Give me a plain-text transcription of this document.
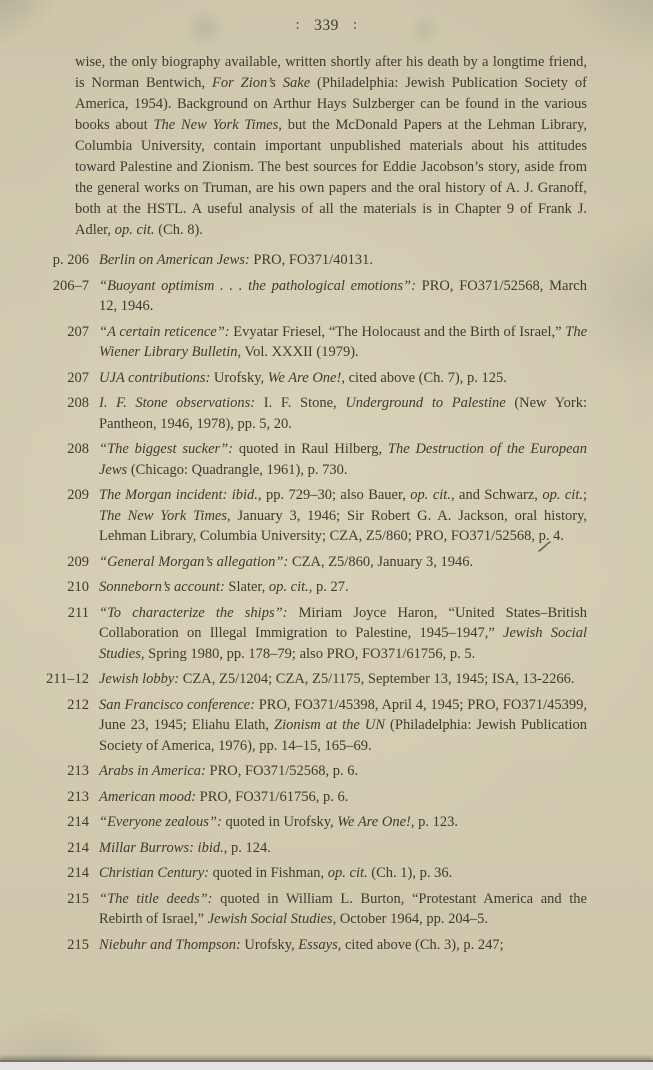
: 339 :

wise, the only biography available, written shortly after his death by a longtime friend, is Norman Bentwich, For Zion’s Sake (Philadelphia: Jewish Publication Society of America, 1954). Background on Arthur Hays Sulzberger can be found in the various books about The New York Times, but the McDonald Papers at the Lehman Library, Columbia University, contain important unpublished materials about his attitudes toward Palestine and Zionism. The best sources for Eddie Jacobson’s story, aside from the general works on Truman, are his own papers and the oral history of A. J. Granoff, both at the HSTL. A useful analysis of all the materials is in Chapter 9 of Frank J. Adler, op. cit. (Ch. 8).

p. 206 Berlin on American Jews: PRO, FO371/40131.
206–7 “Buoyant optimism . . . the pathological emotions”: PRO, FO371/52568, March 12, 1946.
207 “A certain reticence”: Evyatar Friesel, “The Holocaust and the Birth of Israel,” The Wiener Library Bulletin, Vol. XXXII (1979).
207 UJA contributions: Urofsky, We Are One!, cited above (Ch. 7), p. 125.
208 I. F. Stone observations: I. F. Stone, Underground to Palestine (New York: Pantheon, 1946, 1978), pp. 5, 20.
208 “The biggest sucker”: quoted in Raul Hilberg, The Destruction of the European Jews (Chicago: Quadrangle, 1961), p. 730.
209 The Morgan incident: ibid., pp. 729–30; also Bauer, op. cit., and Schwarz, op. cit.; The New York Times, January 3, 1946; Sir Robert G. A. Jackson, oral history, Lehman Library, Columbia University; CZA, Z5/860; PRO, FO371/52568, p. 4.
209 “General Morgan’s allegation”: CZA, Z5/860, January 3, 1946.
210 Sonneborn’s account: Slater, op. cit., p. 27.
211 “To characterize the ships”: Miriam Joyce Haron, “United States–British Collaboration on Illegal Immigration to Palestine, 1945–1947,” Jewish Social Studies, Spring 1980, pp. 178–79; also PRO, FO371/61756, p. 5.
211–12 Jewish lobby: CZA, Z5/1204; CZA, Z5/1175, September 13, 1945; ISA, 13-2266.
212 San Francisco conference: PRO, FO371/45398, April 4, 1945; PRO, FO371/45399, June 23, 1945; Eliahu Elath, Zionism at the UN (Philadelphia: Jewish Publication Society of America, 1976), pp. 14–15, 165–69.
213 Arabs in America: PRO, FO371/52568, p. 6.
213 American mood: PRO, FO371/61756, p. 6.
214 “Everyone zealous”: quoted in Urofsky, We Are One!, p. 123.
214 Millar Burrows: ibid., p. 124.
214 Christian Century: quoted in Fishman, op. cit. (Ch. 1), p. 36.
215 “The title deeds”: quoted in William L. Burton, “Protestant America and the Rebirth of Israel,” Jewish Social Studies, October 1964, pp. 204–5.
215 Niebuhr and Thompson: Urofsky, Essays, cited above (Ch. 3), p. 247;
